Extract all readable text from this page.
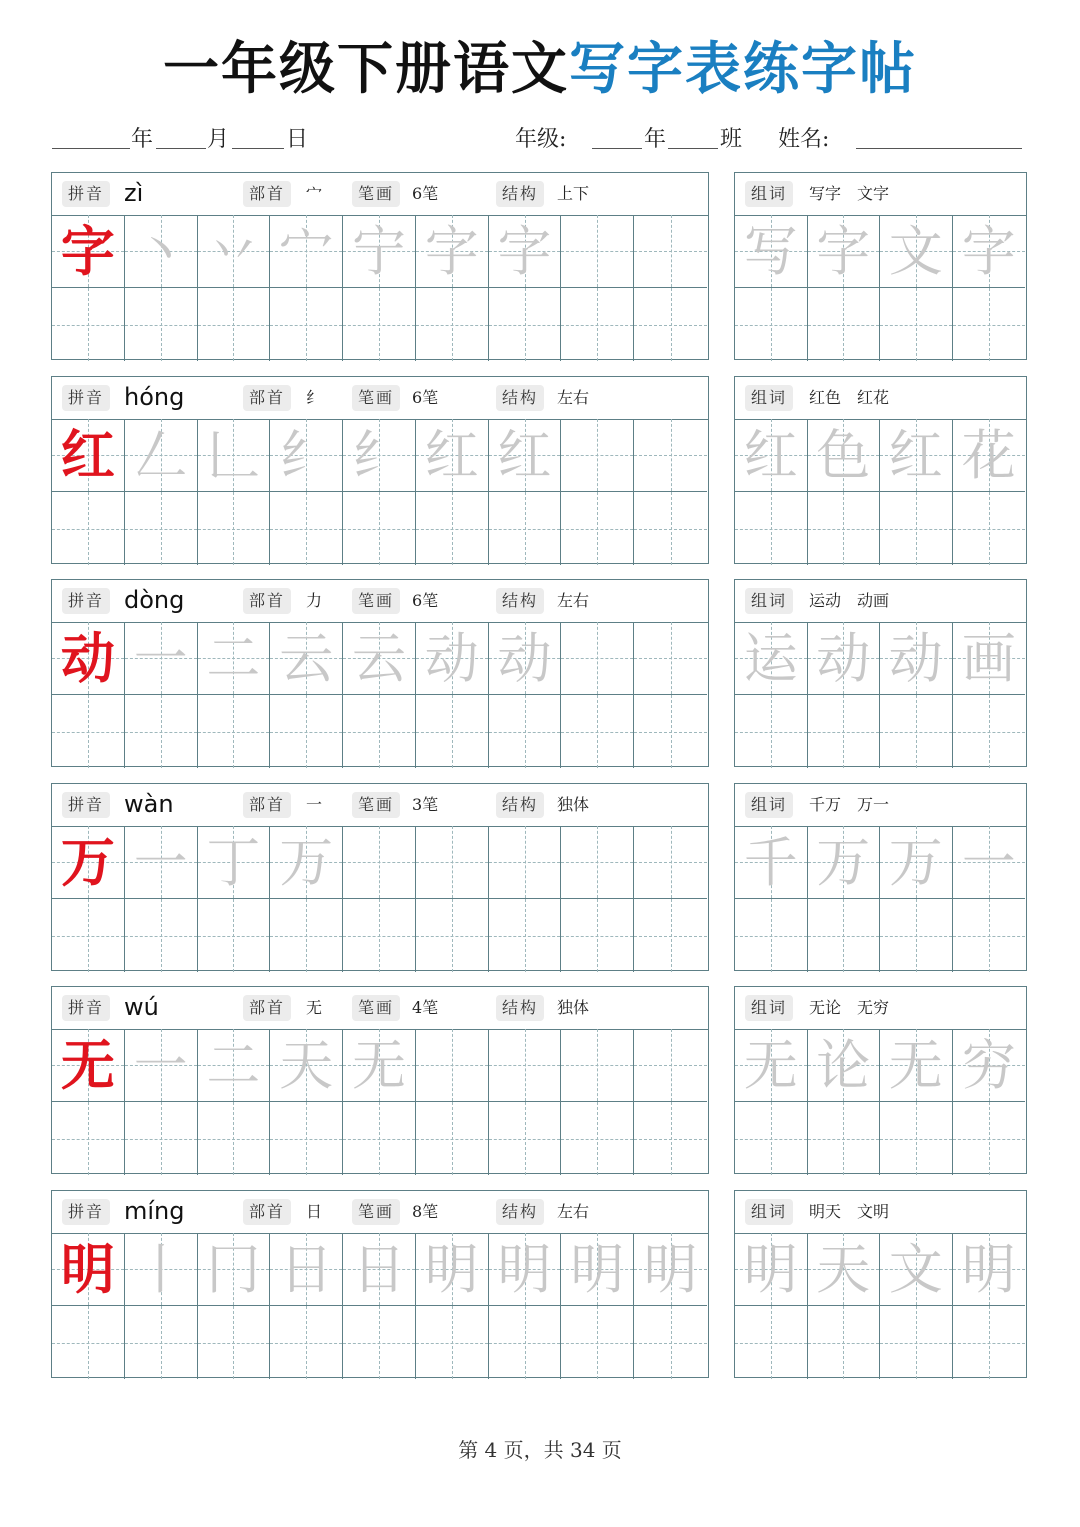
一年级下册语文写字表练字帖
年 月	日	年级:	年 班 姓名:
拼音 zì	部首	宀	笔画	6笔	结构	上下
字 丶 丷 宀 宁 字 字
组词	写字　文字
写 字 文 字
拼音 hóng	部首	纟	笔画	6笔	结构	左右
红 𠃋 𠃊 纟 纟 红 红
组词	红色　红花
红 色 红 花
拼音 dòng	部首	力	笔画	6笔	结构	左右
动 一 二 云 云 动 动
组词	运动　动画
运 动 动 画
拼音 wàn	部首	一	笔画	3笔	结构	独体
万 一 丁 万
组词	千万　万一
千 万 万 一
拼音 wú	部首	无	笔画	4笔	结构	独体
无 一 二 天 无
组词	无论　无穷
无 论 无 穷
拼音 míng	部首	日	笔画	8笔	结构	左右
明 丨 冂 日 日 明 明 明 明
组词	明天　文明
明 天 文 明
第 4 页，共 34 页
